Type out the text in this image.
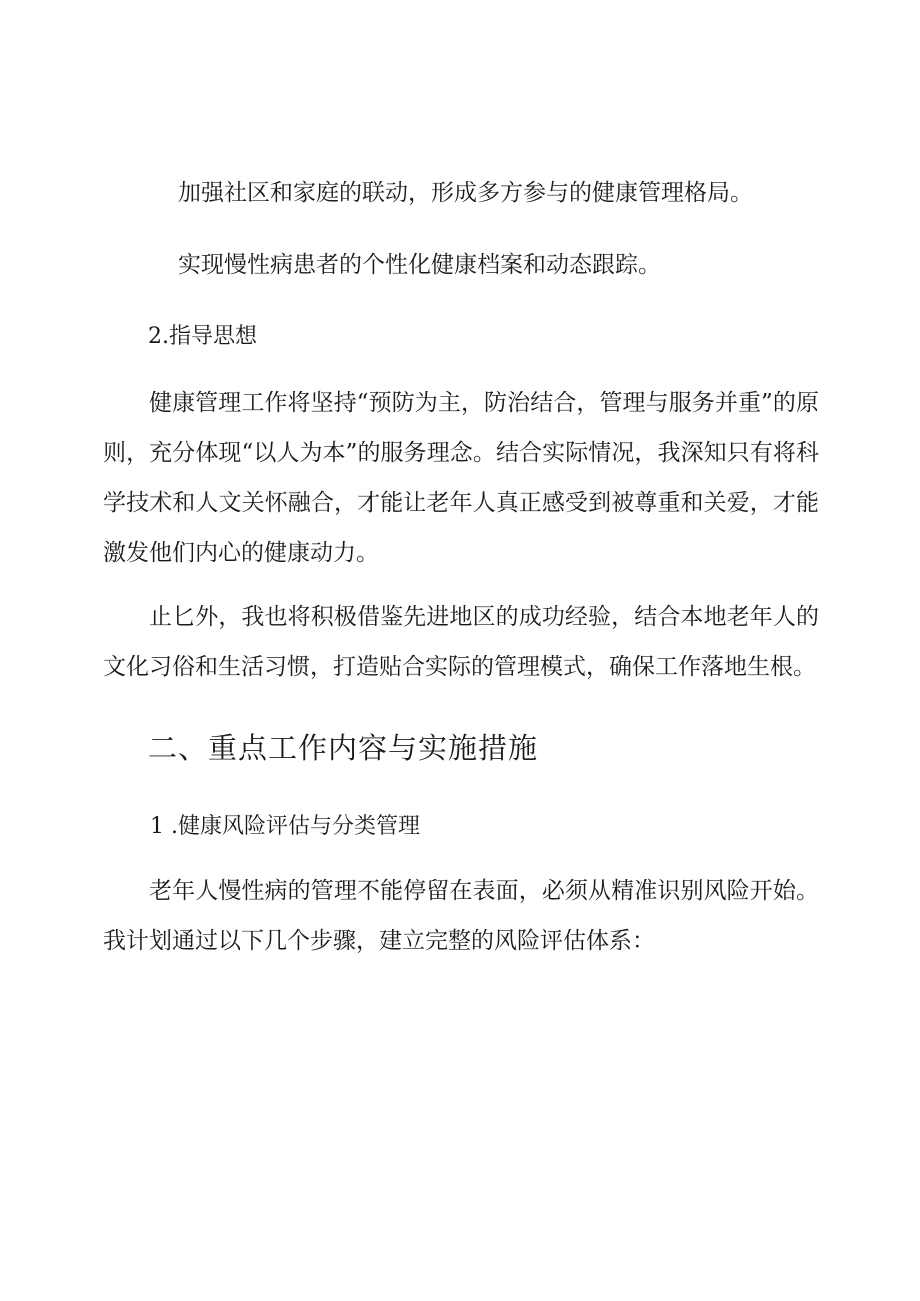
加强社区和家庭的联动，形成多方参与的健康管理格局。
实现慢性病患者的个性化健康档案和动态跟踪。
2.指导思想
健康管理工作将坚持“预防为主，防治结合，管理与服务并重”的原则，充分体现“以人为本”的服务理念。结合实际情况，我深知只有将科学技术和人文关怀融合，才能让老年人真正感受到被尊重和关爱，才能激发他们内心的健康动力。
止匕外，我也将积极借鉴先进地区的成功经验，结合本地老年人的文化习俗和生活习惯，打造贴合实际的管理模式，确保工作落地生根。
二、重点工作内容与实施措施
1 .健康风险评估与分类管理
老年人慢性病的管理不能停留在表面，必须从精准识别风险开始。我计划通过以下几个步骤，建立完整的风险评估体系：
